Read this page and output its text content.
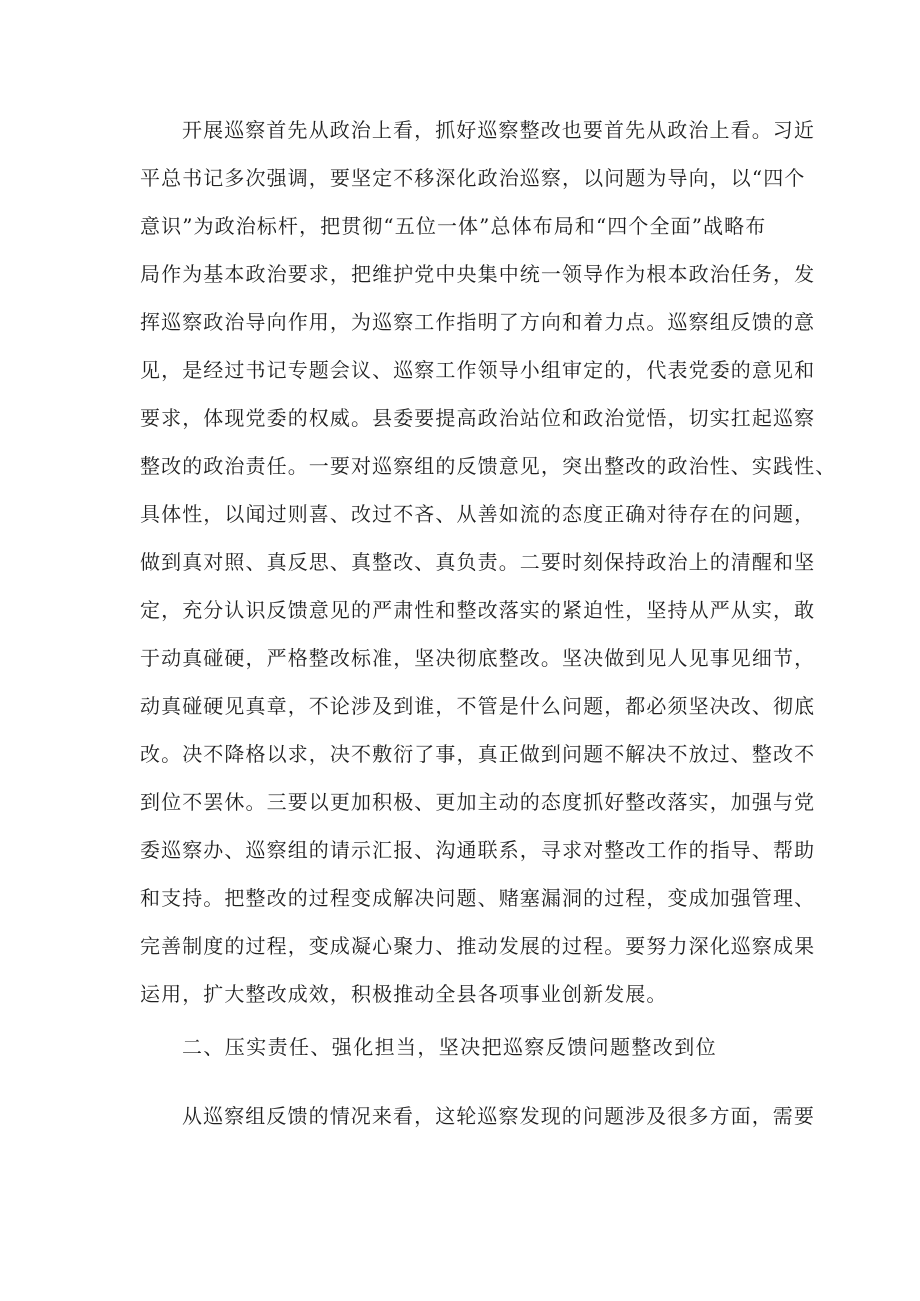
开展巡察首先从政治上看，抓好巡察整改也要首先从政治上看。习近

平总书记多次强调，要坚定不移深化政治巡察，以问题为导向，以“四个

意识”为政治标杆，把贯彻“五位一体”总体布局和“四个全面”战略布

局作为基本政治要求，把维护党中央集中统一领导作为根本政治任务，发

挥巡察政治导向作用，为巡察工作指明了方向和着力点。巡察组反馈的意

见，是经过书记专题会议、巡察工作领导小组审定的，代表党委的意见和

要求，体现党委的权威。县委要提高政治站位和政治觉悟，切实扛起巡察

整改的政治责任。一要对巡察组的反馈意见，突出整改的政治性、实践性、

具体性，以闻过则喜、改过不吝、从善如流的态度正确对待存在的问题，

做到真对照、真反思、真整改、真负责。二要时刻保持政治上的清醒和坚

定，充分认识反馈意见的严肃性和整改落实的紧迫性，坚持从严从实，敢

于动真碰硬，严格整改标准，坚决彻底整改。坚决做到见人见事见细节，

动真碰硬见真章，不论涉及到谁，不管是什么问题，都必须坚决改、彻底

改。决不降格以求，决不敷衍了事，真正做到问题不解决不放过、整改不

到位不罢休。三要以更加积极、更加主动的态度抓好整改落实，加强与党

委巡察办、巡察组的请示汇报、沟通联系，寻求对整改工作的指导、帮助

和支持。把整改的过程变成解决问题、赌塞漏洞的过程，变成加强管理、

完善制度的过程，变成凝心聚力、推动发展的过程。要努力深化巡察成果

运用，扩大整改成效，积极推动全县各项事业创新发展。

二、压实责任、强化担当，坚决把巡察反馈问题整改到位

从巡察组反馈的情况来看，这轮巡察发现的问题涉及很多方面，需要
